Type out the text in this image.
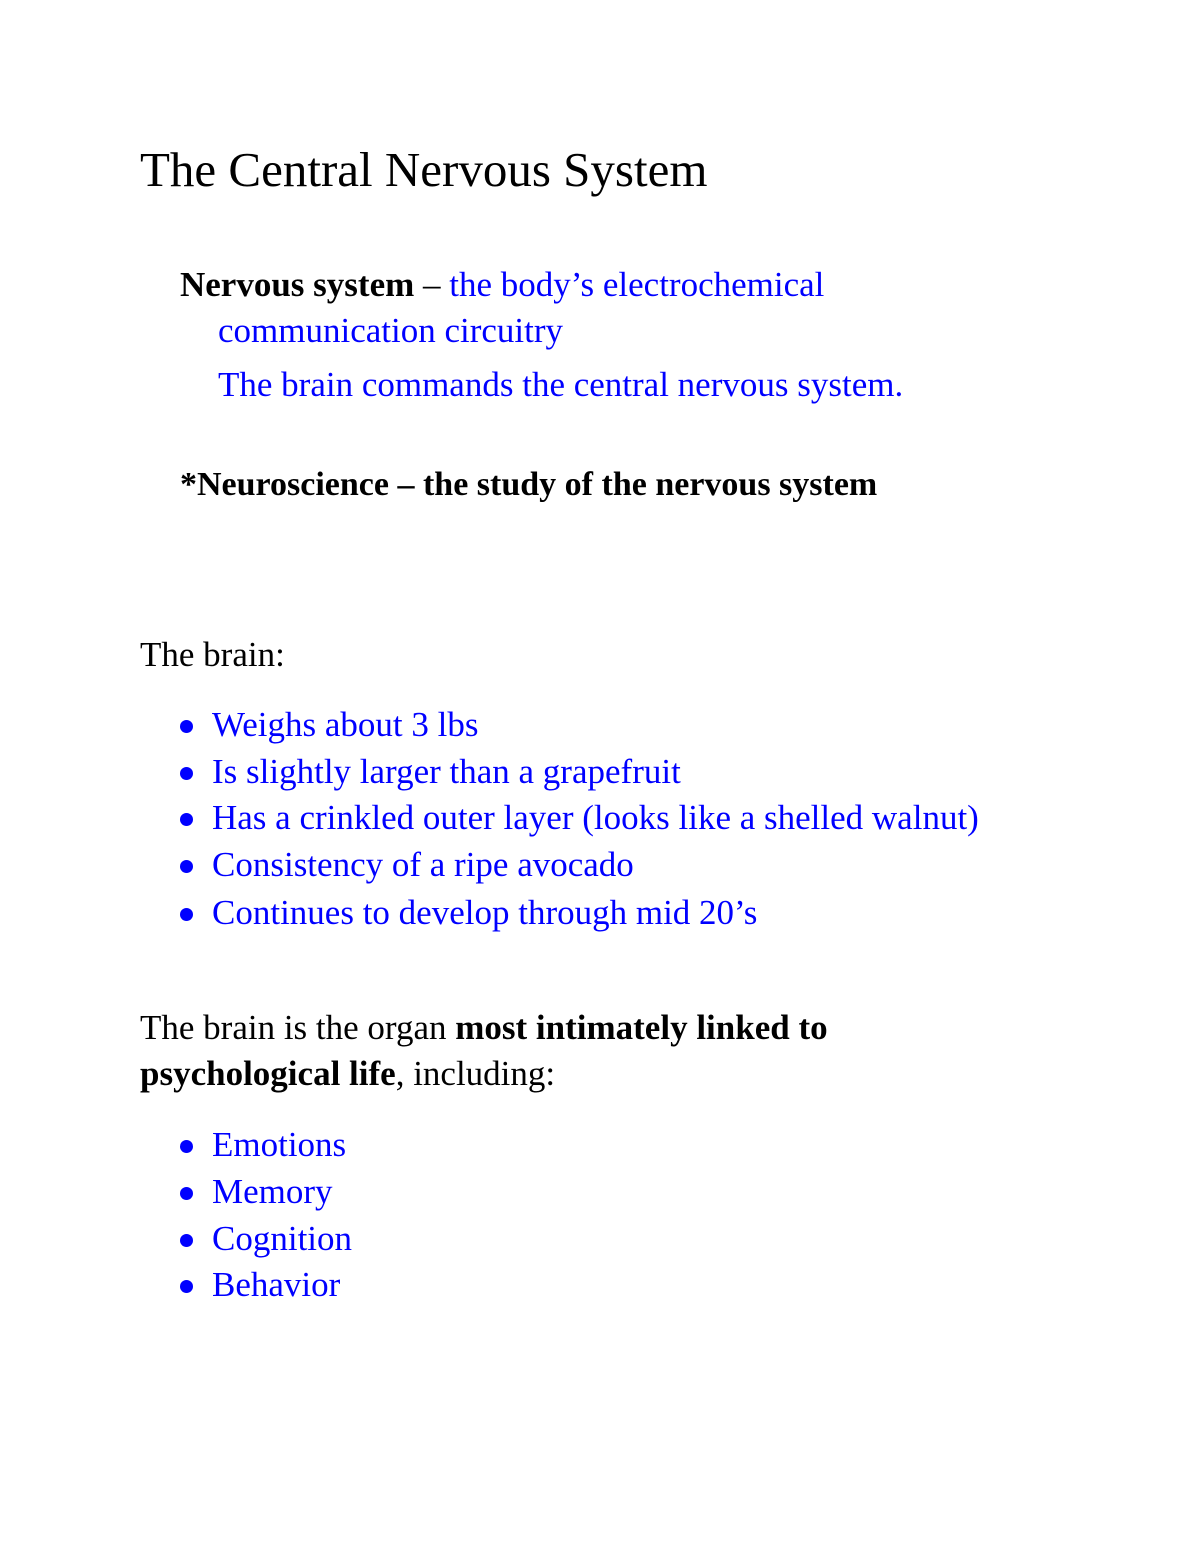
The Central Nervous System
Nervous system – the body’s electrochemical
communication circuitry
The brain commands the central nervous system.
*Neuroscience – the study of the nervous system
The brain:
Weighs about 3 lbs
Is slightly larger than a grapefruit
Has a crinkled outer layer (looks like a shelled walnut)
Consistency of a ripe avocado
Continues to develop through mid 20’s
The brain is the organ most intimately linked to
psychological life, including:
Emotions
Memory
Cognition
Behavior
